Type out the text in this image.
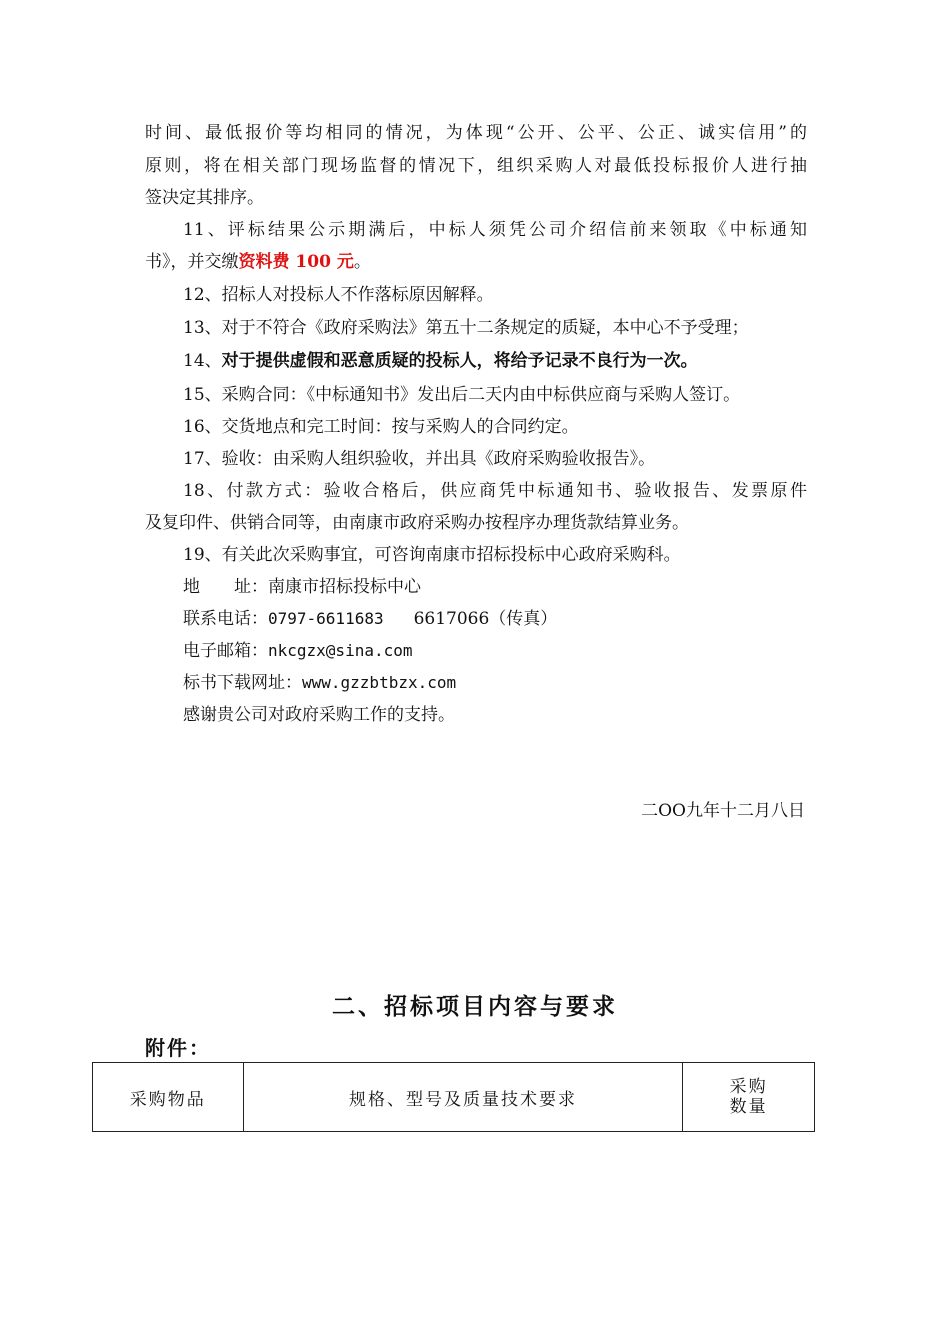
时间、最低报价等均相同的情况，为体现“公开、公平、公正、诚实信用”的
原则，将在相关部门现场监督的情况下，组织采购人对最低投标报价人进行抽
签决定其排序。
11、评标结果公示期满后，中标人须凭公司介绍信前来领取《中标通知
书》，并交缴资料费 100 元。
12、招标人对投标人不作落标原因解释。
13、对于不符合《政府采购法》第五十二条规定的质疑，本中心不予受理；
14、对于提供虚假和恶意质疑的投标人，将给予记录不良行为一次。
15、采购合同：《中标通知书》发出后二天内由中标供应商与采购人签订。
16、交货地点和完工时间：按与采购人的合同约定。
17、验收：由采购人组织验收，并出具《政府采购验收报告》。
18、付款方式：验收合格后，供应商凭中标通知书、验收报告、发票原件
及复印件、供销合同等，由南康市政府采购办按程序办理货款结算业务。
19、有关此次采购事宜，可咨询南康市招标投标中心政府采购科。
地　　址：南康市招标投标中心
联系电话：0797-6611683 6617066（传真）
电子邮箱：nkcgzx@sina.com
标书下载网址：www.gzzbtbzx.com
感谢贵公司对政府采购工作的支持。
二OO九年十二月八日
二、招标项目内容与要求
附件：
采购物品	规格、型号及质量技术要求	采购
数量
